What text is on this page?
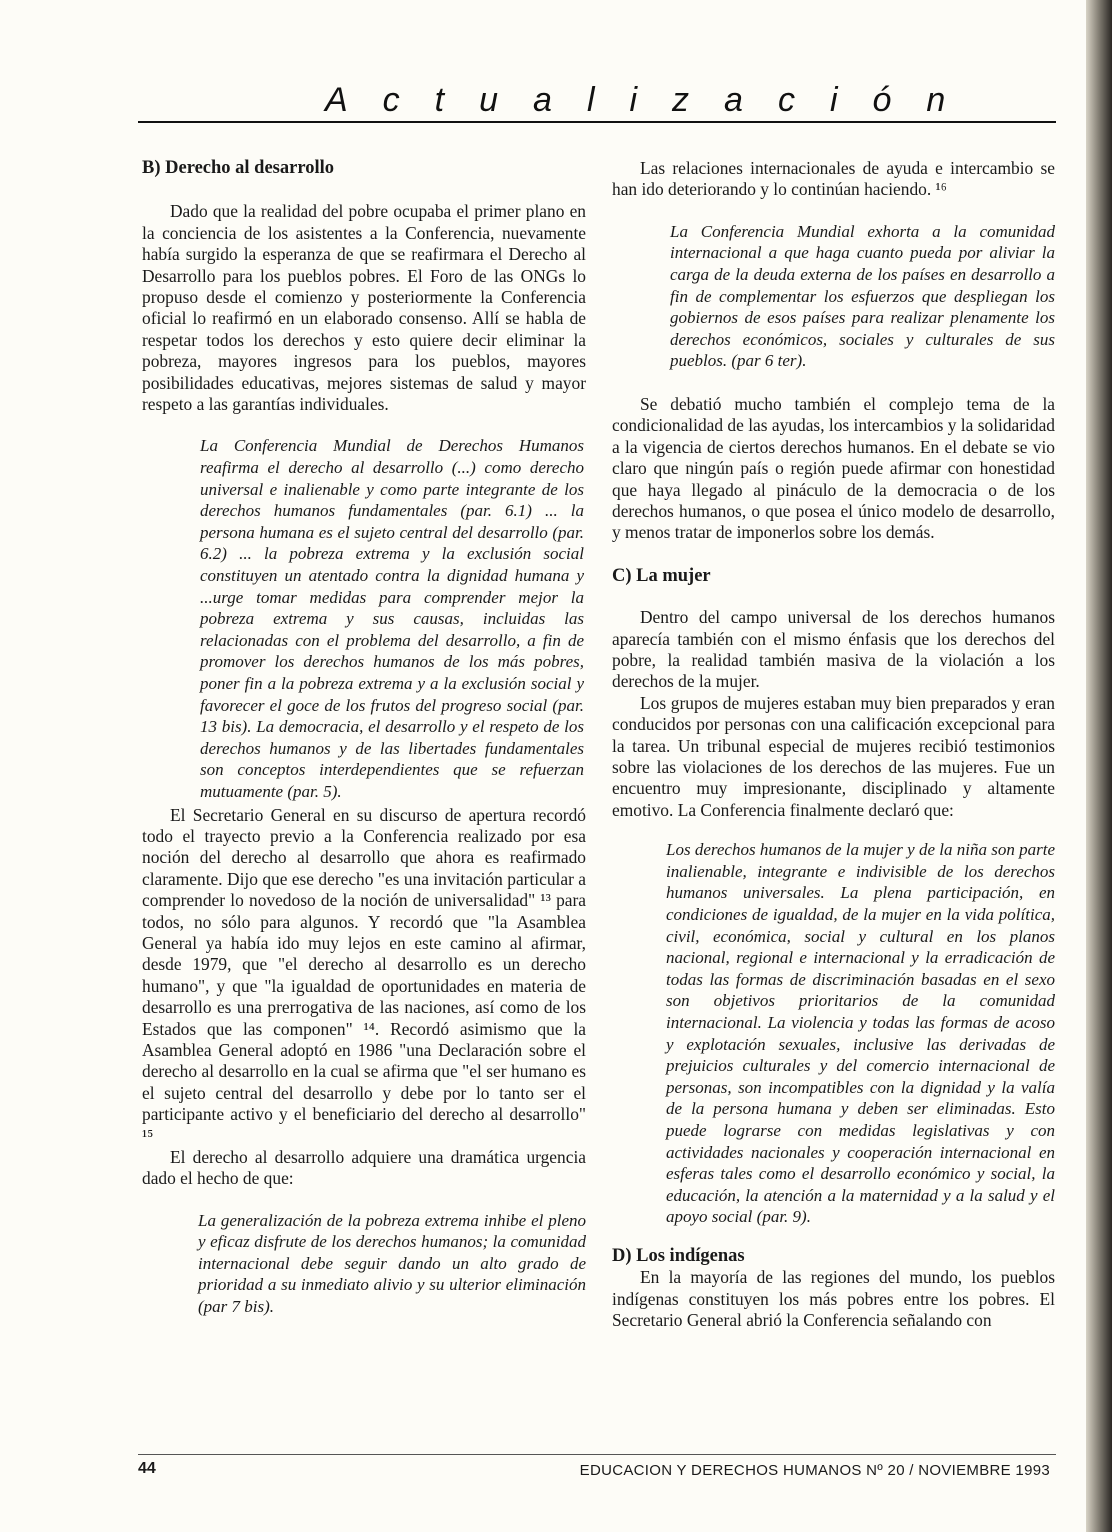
Actualización

B) Derecho al desarrollo

Dado que la realidad del pobre ocupaba el primer plano en la conciencia de los asistentes a la Conferencia, nuevamente había surgido la esperanza de que se reafirmara el Derecho al Desarrollo para los pueblos pobres. El Foro de las ONGs lo propuso desde el comienzo y posteriormente la Conferencia oficial lo reafirmó en un elaborado consenso. Allí se habla de respetar todos los derechos y esto quiere decir eliminar la pobreza, mayores ingresos para los pueblos, mayores posibilidades educativas, mejores sistemas de salud y mayor respeto a las garantías individuales.

La Conferencia Mundial de Derechos Humanos reafirma el derecho al desarrollo (...) como derecho universal e inalienable y como parte integrante de los derechos humanos fundamentales (par. 6.1) ... la persona humana es el sujeto central del desarrollo (par. 6.2) ... la pobreza extrema y la exclusión social constituyen un atentado contra la dignidad humana y ...urge tomar medidas para comprender mejor la pobreza extrema y sus causas, incluidas las relacionadas con el problema del desarrollo, a fin de promover los derechos humanos de los más pobres, poner fin a la pobreza extrema y a la exclusión social y favorecer el goce de los frutos del progreso social (par. 13 bis). La democracia, el desarrollo y el respeto de los derechos humanos y de las libertades fundamentales son conceptos interdependientes que se refuerzan mutuamente (par. 5).

El Secretario General en su discurso de apertura recordó todo el trayecto previo a la Conferencia realizado por esa noción del derecho al desarrollo que ahora es reafirmado claramente. Dijo que ese derecho "es una invitación particular a comprender lo novedoso de la noción de universalidad" ¹³ para todos, no sólo para algunos. Y recordó que "la Asamblea General ya había ido muy lejos en este camino al afirmar, desde 1979, que "el derecho al desarrollo es un derecho humano", y que "la igualdad de oportunidades en materia de desarrollo es una prerrogativa de las naciones, así como de los Estados que las componen" ¹⁴. Recordó asimismo que la Asamblea General adoptó en 1986 "una Declaración sobre el derecho al desarrollo en la cual se afirma que "el ser humano es el sujeto central del desarrollo y debe por lo tanto ser el participante activo y el beneficiario del derecho al desarrollo" ¹⁵

El derecho al desarrollo adquiere una dramática urgencia dado el hecho de que:

La generalización de la pobreza extrema inhibe el pleno y eficaz disfrute de los derechos humanos; la comunidad internacional debe seguir dando un alto grado de prioridad a su inmediato alivio y su ulterior eliminación (par 7 bis).

Las relaciones internacionales de ayuda e intercambio se han ido deteriorando y lo continúan haciendo. ¹⁶

La Conferencia Mundial exhorta a la comunidad internacional a que haga cuanto pueda por aliviar la carga de la deuda externa de los países en desarrollo a fin de complementar los esfuerzos que despliegan los gobiernos de esos países para realizar plenamente los derechos económicos, sociales y culturales de sus pueblos. (par 6 ter).

Se debatió mucho también el complejo tema de la condicionalidad de las ayudas, los intercambios y la solidaridad a la vigencia de ciertos derechos humanos. En el debate se vio claro que ningún país o región puede afirmar con honestidad que haya llegado al pináculo de la democracia o de los derechos humanos, o que posea el único modelo de desarrollo, y menos tratar de imponerlos sobre los demás.

C) La mujer

Dentro del campo universal de los derechos humanos aparecía también con el mismo énfasis que los derechos del pobre, la realidad también masiva de la violación a los derechos de la mujer.

Los grupos de mujeres estaban muy bien preparados y eran conducidos por personas con una calificación excepcional para la tarea. Un tribunal especial de mujeres recibió testimonios sobre las violaciones de los derechos de las mujeres. Fue un encuentro muy impresionante, disciplinado y altamente emotivo. La Conferencia finalmente declaró que:

Los derechos humanos de la mujer y de la niña son parte inalienable, integrante e indivisible de los derechos humanos universales. La plena participación, en condiciones de igualdad, de la mujer en la vida política, civil, económica, social y cultural en los planos nacional, regional e internacional y la erradicación de todas las formas de discriminación basadas en el sexo son objetivos prioritarios de la comunidad internacional. La violencia y todas las formas de acoso y explotación sexuales, inclusive las derivadas de prejuicios culturales y del comercio internacional de personas, son incompatibles con la dignidad y la valía de la persona humana y deben ser eliminadas. Esto puede lograrse con medidas legislativas y con actividades nacionales y cooperación internacional en esferas tales como el desarrollo económico y social, la educación, la atención a la maternidad y a la salud y el apoyo social (par. 9).

D) Los indígenas

En la mayoría de las regiones del mundo, los pueblos indígenas constituyen los más pobres entre los pobres. El Secretario General abrió la Conferencia señalando con

44	EDUCACION Y DERECHOS HUMANOS Nº 20 / NOVIEMBRE 1993
